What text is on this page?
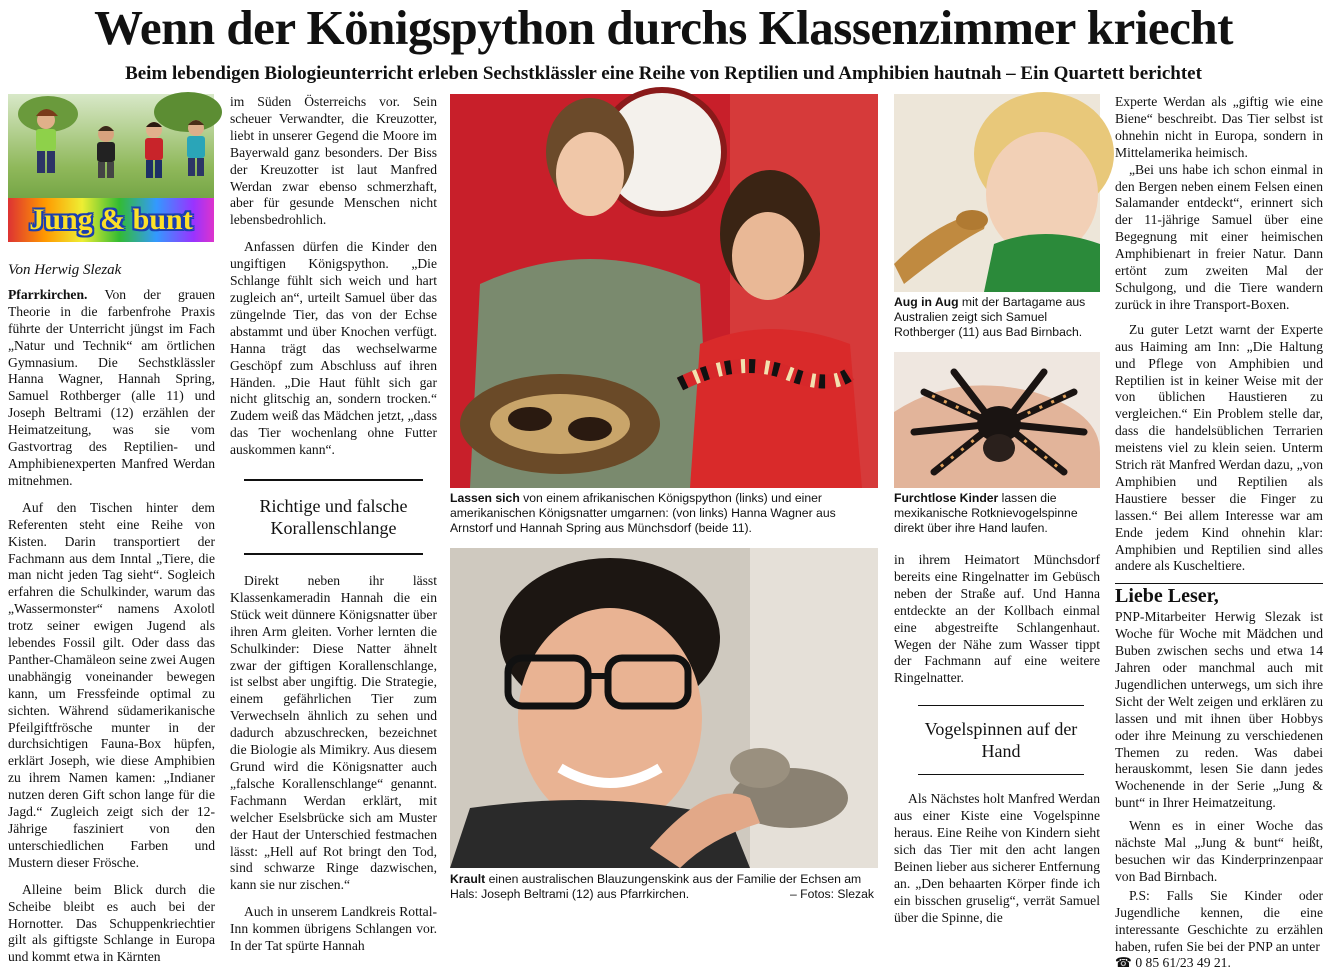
Wenn der Königspython durchs Klassenzimmer kriecht
Beim lebendigen Biologieunterricht erleben Sechstklässler eine Reihe von Reptilien und Amphibien hautnah – Ein Quartett berichtet
Jung & bunt
Von Herwig Slezak

Pfarrkirchen. Von der grauen Theorie in die farbenfrohe Praxis führte der Unterricht jüngst im Fach „Natur und Technik“ am örtlichen Gymnasium. Die Sechstklässler Hanna Wagner, Hannah Spring, Samuel Rothberger (alle 11) und Joseph Beltrami (12) erzählen der Heimatzeitung, was sie vom Gastvortrag des Reptilien- und Amphibienexperten Manfred Werdan mitnehmen.

Auf den Tischen hinter dem Referenten steht eine Reihe von Kisten. Darin transportiert der Fachmann aus dem Inntal „Tiere, die man nicht jeden Tag sieht“. Sogleich erfahren die Schulkinder, warum das „Wassermonster“ namens Axolotl trotz seiner ewigen Jugend als lebendes Fossil gilt. Oder dass das Panther-Chamäleon seine zwei Augen unabhängig voneinander bewegen kann, um Fressfeinde optimal zu sichten. Während südamerikanische Pfeilgiftfrösche munter in der durchsichtigen Fauna-Box hüpfen, erklärt Joseph, wie diese Amphibien zu ihrem Namen kamen: „Indianer nutzen deren Gift schon lange für die Jagd.“ Zugleich zeigt sich der 12-Jährige fasziniert von den unterschiedlichen Farben und Mustern dieser Frösche.

Alleine beim Blick durch die Scheibe bleibt es auch bei der Hornotter. Das Schuppenkriechtier gilt als giftigste Schlange in Europa und kommt etwa in Kärnten

im Süden Österreichs vor. Sein scheuer Verwandter, die Kreuzotter, liebt in unserer Gegend die Moore im Bayerwald ganz besonders. Der Biss der Kreuzotter ist laut Manfred Werdan zwar ebenso schmerzhaft, aber für gesunde Menschen nicht lebensbedrohlich.

Anfassen dürfen die Kinder den ungiftigen Königspython. „Die Schlange fühlt sich weich und hart zugleich an“, urteilt Samuel über das züngelnde Tier, das von der Echse abstammt und über Knochen verfügt. Hanna trägt das wechselwarme Geschöpf zum Abschluss auf ihren Händen. „Die Haut fühlt sich gar nicht glitschig an, sondern trocken.“ Zudem weiß das Mädchen jetzt, „dass das Tier wochenlang ohne Futter auskommen kann“.

Richtige und falsche Korallenschlange

Direkt neben ihr lässt Klassenkameradin Hannah die ein Stück weit dünnere Königsnatter über ihren Arm gleiten. Vorher lernten die Schulkinder: Diese Natter ähnelt zwar der giftigen Korallenschlange, ist selbst aber ungiftig. Die Strategie, einem gefährlichen Tier zum Verwechseln ähnlich zu sehen und dadurch abzuschrecken, bezeichnet die Biologie als Mimikry. Aus diesem Grund wird die Königsnatter auch „falsche Korallenschlange“ genannt. Fachmann Werdan erklärt, mit welcher Eselsbrücke sich am Muster der Haut der Unterschied festmachen lässt: „Hell auf Rot bringt den Tod, sind schwarze Ringe dazwischen, kann sie nur zischen.“

Auch in unserem Landkreis Rottal-Inn kommen übrigens Schlangen vor. In der Tat spürte Hannah

Lassen sich von einem afrikanischen Königspython (links) und einer amerikanischen Königsnatter umgarnen: (von links) Hanna Wagner aus Arnstorf und Hannah Spring aus Münchsdorf (beide 11).
Krault einen australischen Blauzungenskink aus der Familie der Echsen am Hals: Joseph Beltrami (12) aus Pfarrkirchen.	– Fotos: Slezak
Aug in Aug mit der Bartagame aus Australien zeigt sich Samuel Rothberger (11) aus Bad Birnbach.
Furchtlose Kinder lassen die mexikanische Rotknievogelspinne direkt über ihre Hand laufen.

in ihrem Heimatort Münchsdorf bereits eine Ringelnatter im Gebüsch neben der Straße auf. Und Hanna entdeckte an der Kollbach einmal eine abgestreifte Schlangenhaut. Wegen der Nähe zum Wasser tippt der Fachmann auf eine weitere Ringelnatter.

Vogelspinnen auf der Hand

Als Nächstes holt Manfred Werdan aus einer Kiste eine Vogelspinne heraus. Eine Reihe von Kindern sieht sich das Tier mit den acht langen Beinen lieber aus sicherer Entfernung an. „Den behaarten Körper finde ich ein bisschen gruselig“, verrät Samuel über die Spinne, die

Experte Werdan als „giftig wie eine Biene“ beschreibt. Das Tier selbst ist ohnehin nicht in Europa, sondern in Mittelamerika heimisch.

„Bei uns habe ich schon einmal in den Bergen neben einem Felsen einen Salamander entdeckt“, erinnert sich der 11-jährige Samuel über eine Begegnung mit einer heimischen Amphibienart in freier Natur. Dann ertönt zum zweiten Mal der Schulgong, und die Tiere wandern zurück in ihre Transport-Boxen.

Zu guter Letzt warnt der Experte aus Haiming am Inn: „Die Haltung und Pflege von Amphibien und Reptilien ist in keiner Weise mit der von üblichen Haustieren zu vergleichen.“ Ein Problem stelle dar, dass die handelsüblichen Terrarien meistens viel zu klein seien. Unterm Strich rät Manfred Werdan dazu, „von Amphibien und Reptilien als Haustiere besser die Finger zu lassen.“ Bei allem Interesse war am Ende jedem Kind ohnehin klar: Amphibien und Reptilien sind alles andere als Kuscheltiere.

Liebe Leser,

PNP-Mitarbeiter Herwig Slezak ist Woche für Woche mit Mädchen und Buben zwischen sechs und etwa 14 Jahren oder manchmal auch mit Jugendlichen unterwegs, um sich ihre Sicht der Welt zeigen und erklären zu lassen und mit ihnen über Hobbys oder ihre Meinung zu verschiedenen Themen zu reden. Was dabei herauskommt, lesen Sie dann jedes Wochenende in der Serie „Jung & bunt“ in Ihrer Heimatzeitung.

Wenn es in einer Woche das nächste Mal „Jung & bunt“ heißt, besuchen wir das Kinderprinzenpaar von Bad Birnbach.

P.S: Falls Sie Kinder oder Jugendliche kennen, die eine interessante Geschichte zu erzählen haben, rufen Sie bei der PNP an unter

☎ 0 85 61/23 49 21.
